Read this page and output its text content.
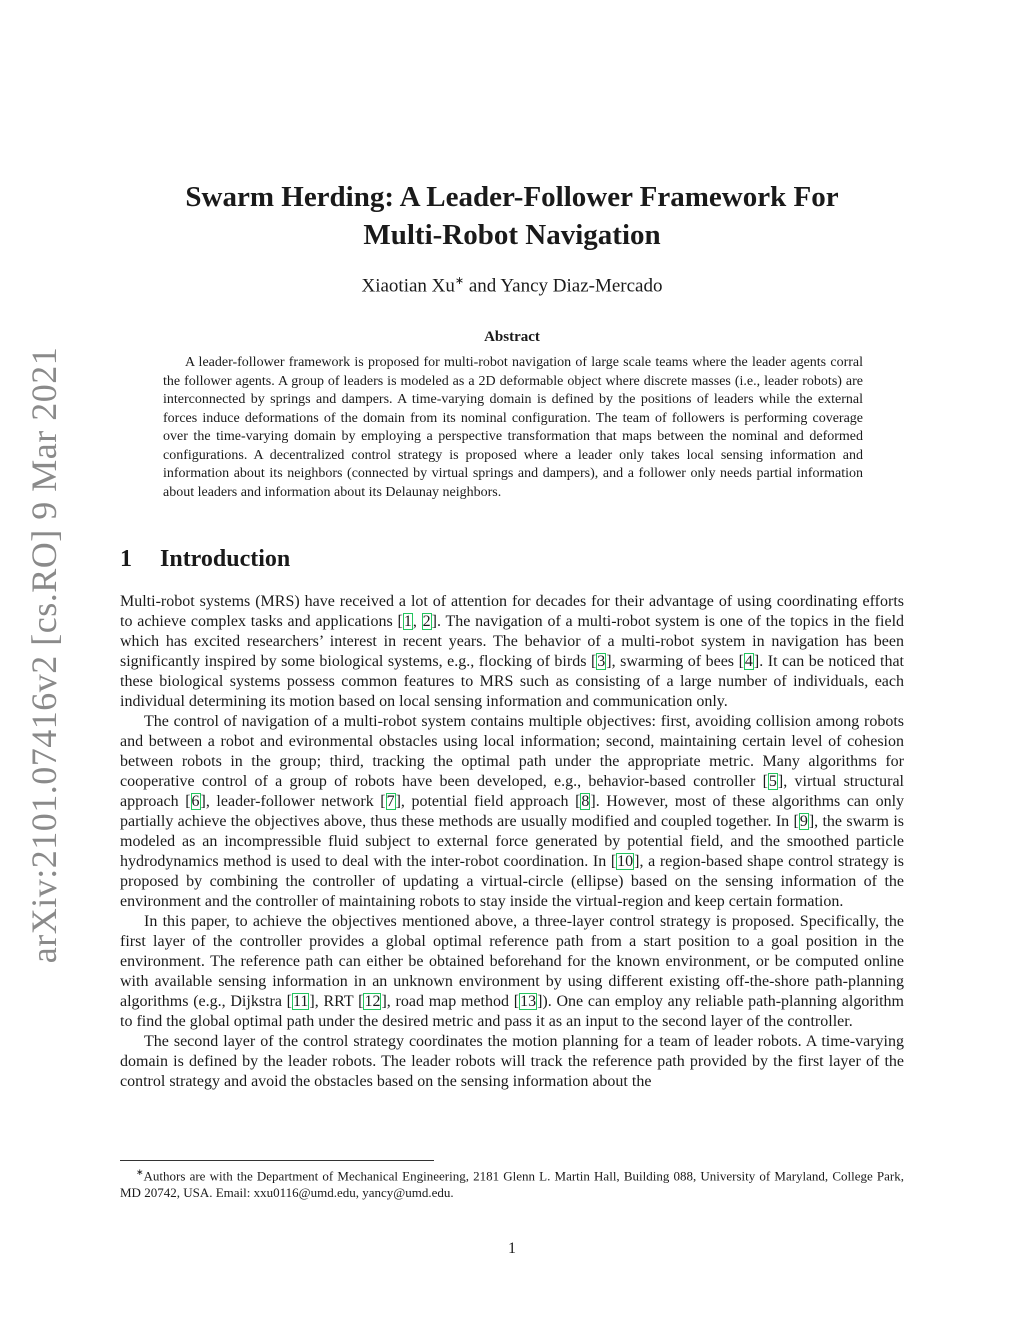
arXiv:2101.07416v2 [cs.RO] 9 Mar 2021
Swarm Herding: A Leader-Follower Framework For
Multi-Robot Navigation

Xiaotian Xu∗ and Yancy Diaz-Mercado

Abstract

A leader-follower framework is proposed for multi-robot navigation of large scale teams where the leader agents corral the follower agents. A group of leaders is modeled as a 2D deformable object where discrete masses (i.e., leader robots) are interconnected by springs and dampers. A time-varying domain is defined by the positions of leaders while the external forces induce deformations of the domain from its nominal configuration. The team of followers is performing coverage over the time-varying domain by employing a perspective transformation that maps between the nominal and deformed configurations. A decentralized control strategy is proposed where a leader only takes local sensing information and information about its neighbors (connected by virtual springs and dampers), and a follower only needs partial information about leaders and information about its Delaunay neighbors.

1 Introduction

Multi-robot systems (MRS) have received a lot of attention for decades for their advantage of using coordinating efforts to achieve complex tasks and applications [1, 2]. The navigation of a multi-robot system is one of the topics in the field which has excited researchers’ interest in recent years. The behavior of a multi-robot system in navigation has been significantly inspired by some biological systems, e.g., flocking of birds [3], swarming of bees [4]. It can be noticed that these biological systems possess common features to MRS such as consisting of a large number of individuals, each individual determining its motion based on local sensing information and communication only.

The control of navigation of a multi-robot system contains multiple objectives: first, avoiding collision among robots and between a robot and evironmental obstacles using local information; second, maintaining certain level of cohesion between robots in the group; third, tracking the optimal path under the appropriate metric. Many algorithms for cooperative control of a group of robots have been developed, e.g., behavior-based controller [5], virtual structural approach [6], leader-follower network [7], potential field approach [8]. However, most of these algorithms can only partially achieve the objectives above, thus these methods are usually modified and coupled together. In [9], the swarm is modeled as an incompressible fluid subject to external force generated by potential field, and the smoothed particle hydrodynamics method is used to deal with the inter-robot coordination. In [10], a region-based shape control strategy is proposed by combining the controller of updating a virtual-circle (ellipse) based on the sensing information of the environment and the controller of maintaining robots to stay inside the virtual-region and keep certain formation.

In this paper, to achieve the objectives mentioned above, a three-layer control strategy is proposed. Specifically, the first layer of the controller provides a global optimal reference path from a start position to a goal position in the environment. The reference path can either be obtained beforehand for the known environment, or be computed online with available sensing information in an unknown environment by using different existing off-the-shore path-planning algorithms (e.g., Dijkstra [11], RRT [12], road map method [13]). One can employ any reliable path-planning algorithm to find the global optimal path under the desired metric and pass it as an input to the second layer of the controller.

The second layer of the control strategy coordinates the motion planning for a team of leader robots. A time-varying domain is defined by the leader robots. The leader robots will track the reference path provided by the first layer of the control strategy and avoid the obstacles based on the sensing information about the

∗Authors are with the Department of Mechanical Engineering, 2181 Glenn L. Martin Hall, Building 088, University of Maryland, College Park, MD 20742, USA. Email: xxu0116@umd.edu, yancy@umd.edu.

1
